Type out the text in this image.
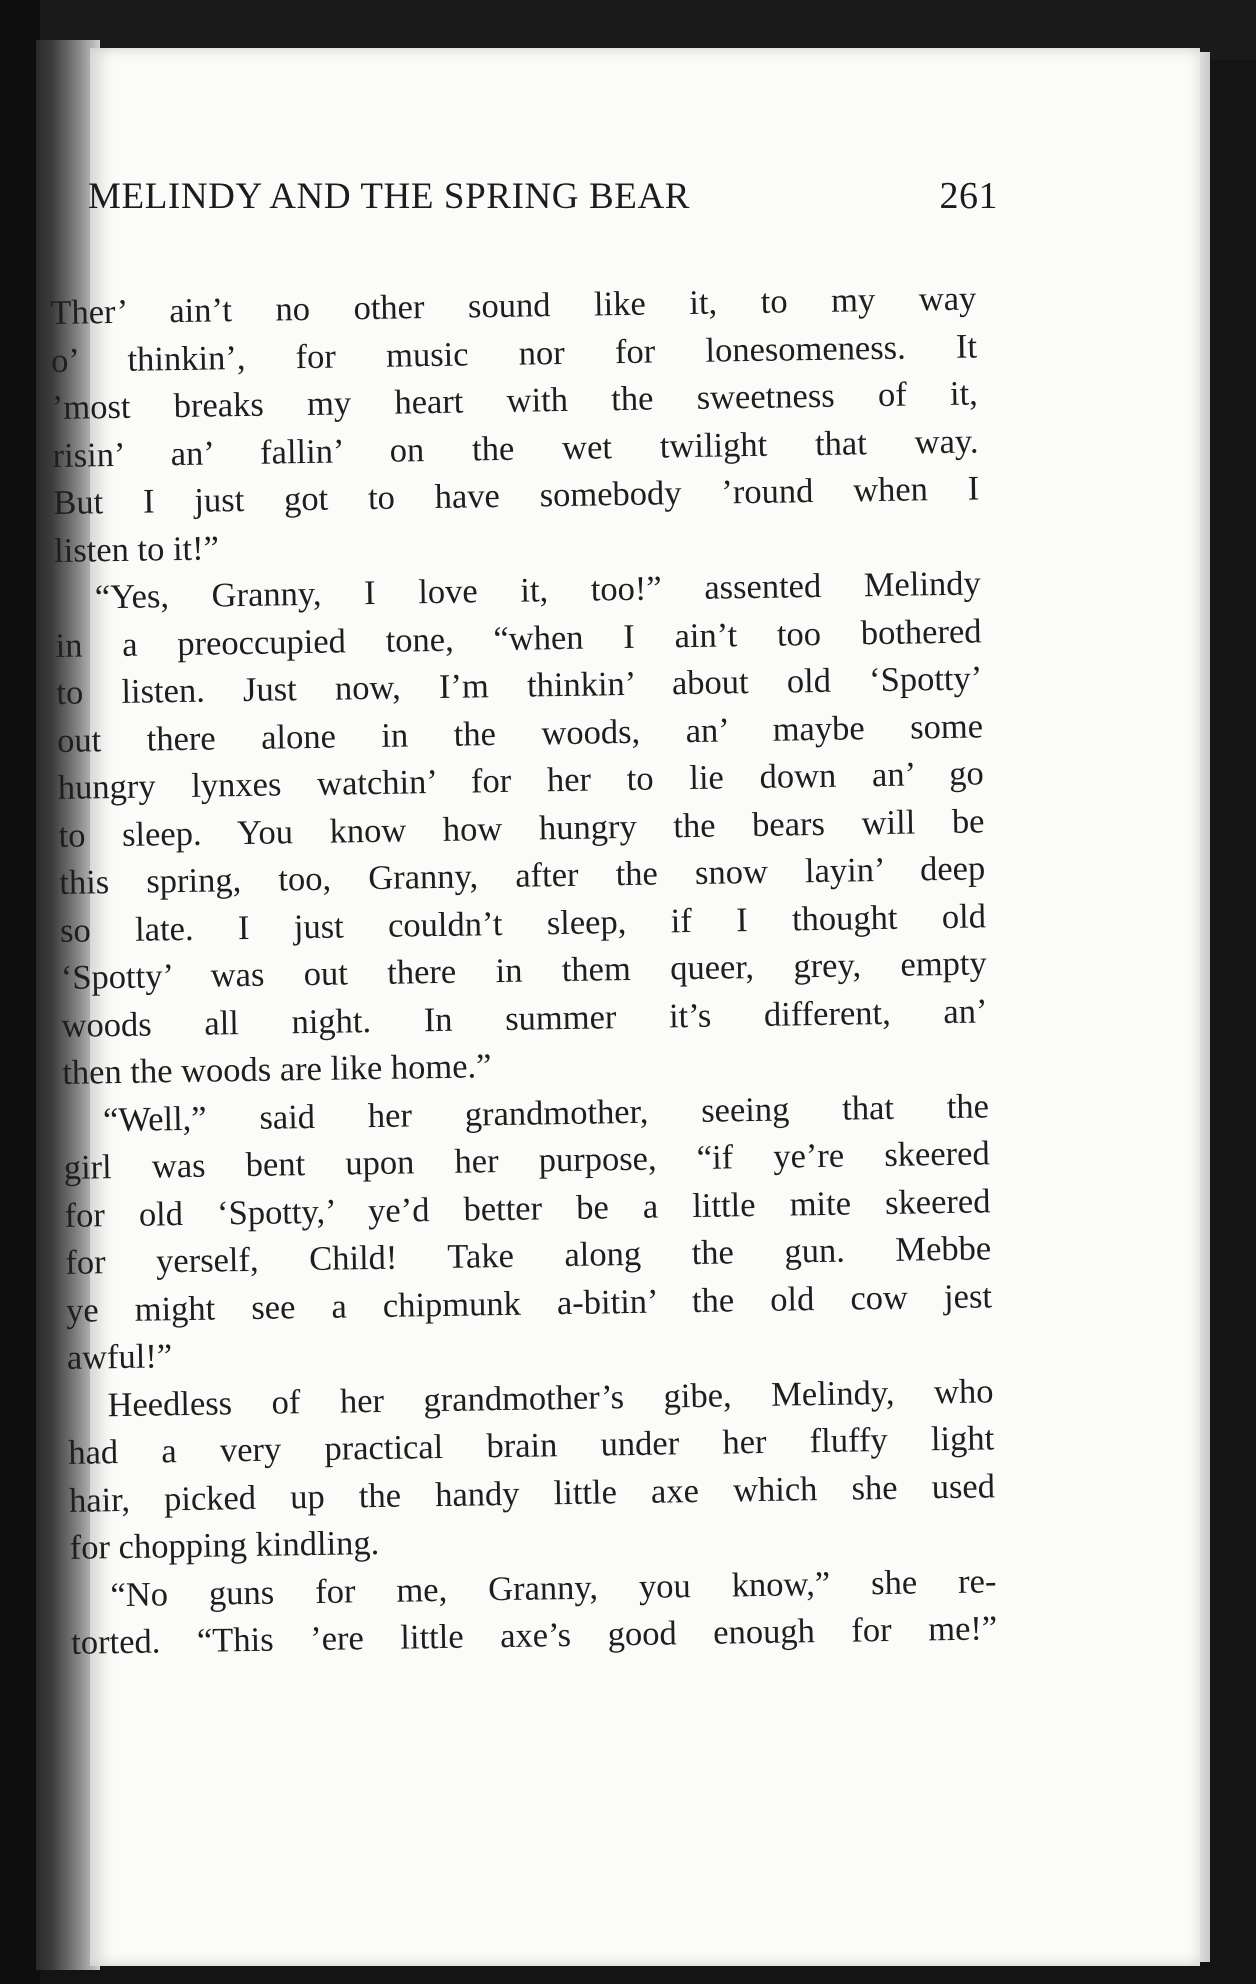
MELINDY AND THE SPRING BEAR	261
Ther’ ain’t no other sound like it, to my way
o’ thinkin’, for music nor for lonesomeness. It
’most breaks my heart with the sweetness of it,
risin’ an’ fallin’ on the wet twilight that way.
But I just got to have somebody ’round when I
listen to it!”
“Yes, Granny, I love it, too!” assented Melindy
in a preoccupied tone, “when I ain’t too bothered
to listen. Just now, I’m thinkin’ about old ‘Spotty’
out there alone in the woods, an’ maybe some
hungry lynxes watchin’ for her to lie down an’ go
to sleep. You know how hungry the bears will be
this spring, too, Granny, after the snow layin’ deep
so late. I just couldn’t sleep, if I thought old
‘Spotty’ was out there in them queer, grey, empty
woods all night. In summer it’s different, an’
then the woods are like home.”
“Well,” said her grandmother, seeing that the
girl was bent upon her purpose, “if ye’re skeered
for old ‘Spotty,’ ye’d better be a little mite skeered
for yerself, Child! Take along the gun. Mebbe
ye might see a chipmunk a-bitin’ the old cow jest
awful!”
Heedless of her grandmother’s gibe, Melindy, who
had a very practical brain under her fluffy light
hair, picked up the handy little axe which she used
for chopping kindling.
“No guns for me, Granny, you know,” she re-
torted. “This ’ere little axe’s good enough for me!”
